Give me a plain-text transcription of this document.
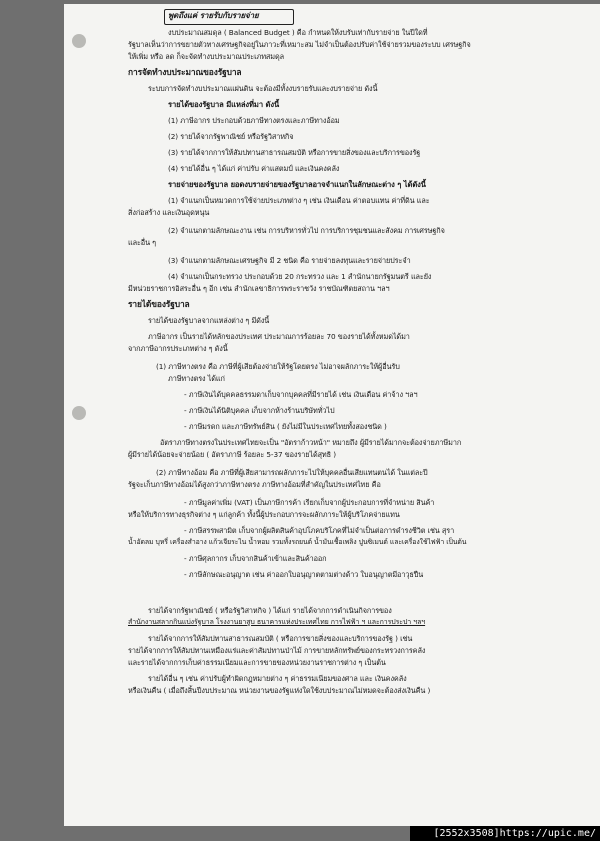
พูดถึงแค่ รายรับกับรายจ่าย
งบประมาณสมดุล ( Balanced Budget ) คือ กำหนดให้งบรับเท่ากับรายจ่าย ในปีใดที่
รัฐบาลเห็นว่าการขยายตัวทางเศรษฐกิจอยู่ในภาวะที่เหมาะสม ไม่จำเป็นต้องปรับค่าใช้จ่ายรวมของระบบ เศรษฐกิจ
ให้เพิ่ม หรือ ลด ก็จะจัดทำงบประมาณประเภทสมดุล
การจัดทำงบประมาณของรัฐบาล
ระบบการจัดทำงบประมาณแผ่นดิน จะต้องมีทั้งงบรายรับและงบรายจ่าย ดังนี้
รายได้ของรัฐบาล มีแหล่งที่มา ดังนี้
(1) ภาษีอากร ประกอบด้วยภาษีทางตรงและภาษีทางอ้อม
(2) รายได้จากรัฐพาณิชย์ หรือรัฐวิสาหกิจ
(3) รายได้จากการให้สัมปทานสาธารณสมบัติ หรือการขายสิ่งของและบริการของรัฐ
(4) รายได้อื่น ๆ ได้แก่ ค่าปรับ ค่าแสตมป์ และเงินคงคลัง
รายจ่ายของรัฐบาล ยอดงบรายจ่ายของรัฐบาลอาจจำแนกในลักษณะต่าง ๆ ได้ดังนี้
(1) จำแนกเป็นหมวดการใช้จ่ายประเภทต่าง ๆ เช่น เงินเดือน ค่าตอบแทน ค่าที่ดิน และ
สิ่งก่อสร้าง และเงินอุดหนุน
(2) จำแนกตามลักษณะงาน เช่น การบริหารทั่วไป การบริการชุมชนและสังคม การเศรษฐกิจ
และอื่น ๆ
(3) จำแนกตามลักษณะเศรษฐกิจ มี 2 ชนิด คือ รายจ่ายลงทุนและรายจ่ายประจำ
(4) จำแนกเป็นกระทรวง ประกอบด้วย 20 กระทรวง และ 1 สำนักนายกรัฐมนตรี และยัง
มีหน่วยราชการอิสระอื่น ๆ อีก เช่น สำนักเลขาธิการพระราชวัง ราชบัณฑิตยสถาน ฯลฯ
รายได้ของรัฐบาล
รายได้ของรัฐบาลจากแหล่งต่าง ๆ มีดังนี้
ภาษีอากร เป็นรายได้หลักของประเทศ ประมาณการร้อยละ 70 ของรายได้ทั้งหมดได้มา
จากภาษีอากรประเภทต่าง ๆ ดังนี้
(1) ภาษีทางตรง คือ ภาษีที่ผู้เสียต้องจ่ายให้รัฐโดยตรง ไม่อาจผลักภาระให้ผู้อื่นรับ
ภาษีทางตรง ได้แก่
- ภาษีเงินได้บุคคลธรรมดาเก็บจากบุคคลที่มีรายได้ เช่น เงินเดือน ค่าจ้าง ฯลฯ
- ภาษีเงินได้นิติบุคคล เก็บจากห้างร้านบริษัททั่วไป
- ภาษีมรดก และภาษีทรัพย์สิน ( ยังไม่มีในประเทศไทยทั้งสองชนิด )
อัตราภาษีทางตรงในประเทศไทยจะเป็น "อัตราก้าวหน้า" หมายถึง ผู้มีรายได้มากจะต้องจ่ายภาษีมาก
ผู้มีรายได้น้อยจะจ่ายน้อย ( อัตราภาษี ร้อยละ 5-37 ของรายได้สุทธิ )
(2) ภาษีทางอ้อม คือ ภาษีที่ผู้เสียสามารถผลักภาระไปให้บุคคลอื่นเสียแทนตนได้ ในแต่ละปี
รัฐจะเก็บภาษีทางอ้อมได้สูงกว่าภาษีทางตรง ภาษีทางอ้อมที่สำคัญในประเทศไทย คือ
- ภาษีมูลค่าเพิ่ม (VAT) เป็นภาษีการค้า เรียกเก็บจากผู้ประกอบการที่จำหน่าย สินค้า
หรือให้บริการทางธุรกิจต่าง ๆ แก่ลูกค้า ทั้งนี้ผู้ประกอบการจะผลักภาระให้ผู้บริโภคจ่ายแทน
- ภาษีสรรพสามิต เก็บจากผู้ผลิตสินค้าอุปโภคบริโภคที่ไม่จำเป็นต่อการดำรงชีวิต เช่น สุรา
น้ำอัดลม บุหรี่ เครื่องสำอาง แก้วเจียระไน น้ำหอม รวมทั้งรถยนต์ น้ำมันเชื้อเพลิง ปูนซิเมนต์ และเครื่องใช้ไฟฟ้า เป็นต้น
- ภาษีศุลกากร เก็บจากสินค้าเข้าและสินค้าออก
- ภาษีลักษณะอนุญาต เช่น ค่าออกใบอนุญาตตามต่างด้าว ใบอนุญาตมีอาวุธปืน
รายได้จากรัฐพาณิชย์ ( หรือรัฐวิสาหกิจ ) ได้แก่ รายได้จากการดำเนินกิจการของ
สำนักงานสลากกินแบ่งรัฐบาล โรงงานยาสูบ ธนาคารแห่งประเทศไทย การไฟฟ้า ฯ และการประปา ฯลฯ
รายได้จากการให้สัมปทานสาธารณสมบัติ ( หรือการขายสิ่งของและบริการของรัฐ ) เช่น
รายได้จากการให้สัมปทานเหมืองแร่และค่าสัมปทานป่าไม้ การขายหลักทรัพย์ของกระทรวงการคลัง
และรายได้จากการเก็บค่าธรรมเนียมและการขายของหน่วยงานราชการต่าง ๆ เป็นต้น
รายได้อื่น ๆ เช่น ค่าปรับผู้ทำผิดกฎหมายต่าง ๆ ค่าธรรมเนียมของศาล และ เงินคงคลัง
หรือเงินคืน ( เมื่อถึงสิ้นปีงบประมาณ หน่วยงานของรัฐแห่งใดใช้งบประมาณไม่หมดจะต้องส่งเงินคืน )
[2552x3508]https://upic.me/
